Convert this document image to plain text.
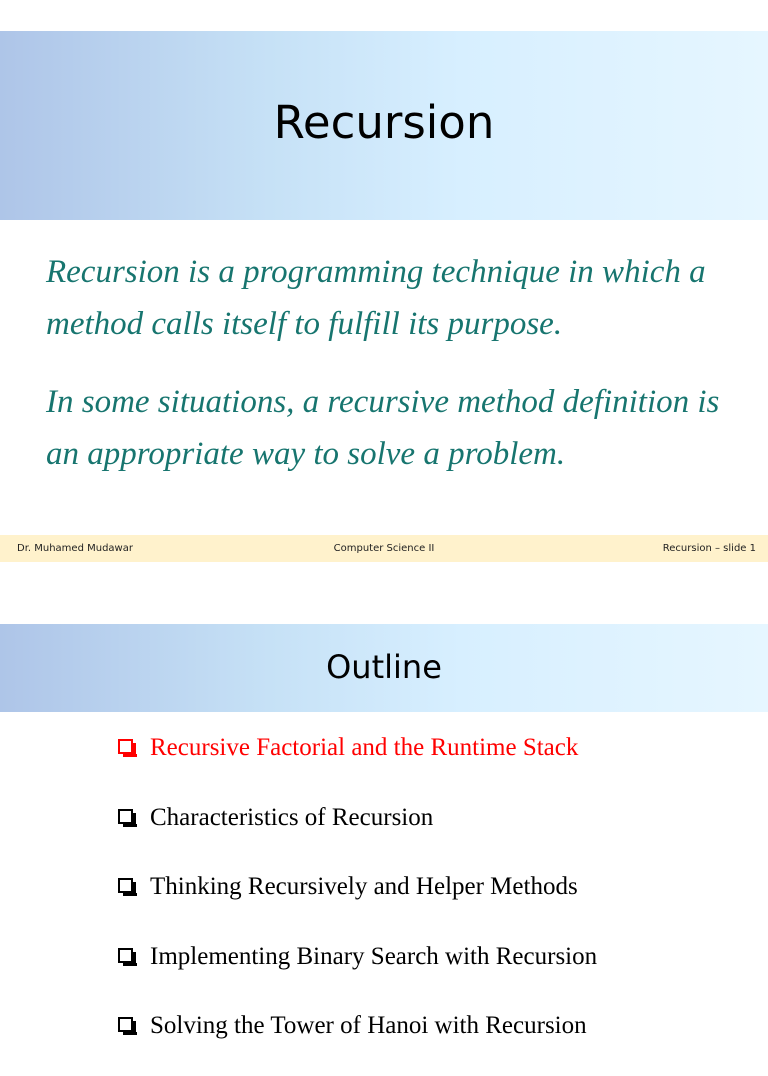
Recursion

Recursion is a programming technique in which a method calls itself to fulfill its purpose.

In some situations, a recursive method definition is an appropriate way to solve a problem.

Dr. Muhamed Mudawar	Computer Science II	Recursion – slide 1
Outline
Recursive Factorial and the Runtime Stack
Characteristics of Recursion
Thinking Recursively and Helper Methods
Implementing Binary Search with Recursion
Solving the Tower of Hanoi with Recursion
